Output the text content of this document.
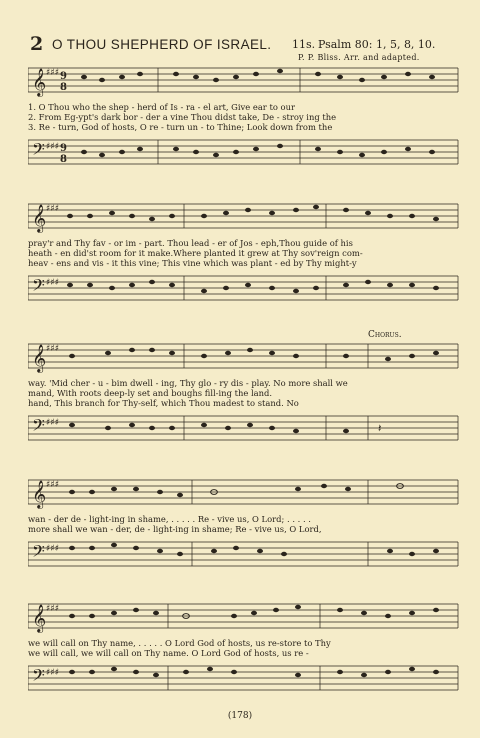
2 O THOU SHEPHERD OF ISRAEL. 11s. Psalm 80: 1, 5, 8, 10.
P. P. Bliss. Arr. and adapted.
𝄞 ♯♯♯ 9
8
1. O Thou who the shep - herd of Is - ra - el art, Give ear to our
2. From Eg-ypt's dark bor - der a vine Thou didst take, De - stroy ing the
3. Re - turn, God of hosts, O re - turn un - to Thine; Look down from the
𝄢 ♯♯♯ 9
8
𝄞 ♯♯♯
pray'r and Thy fav - or im - part. Thou lead - er of Jos - eph,Thou guide of his
heath - en did'st room for it make.Where planted it grew at Thy sov'reign com-
heav - ens and vis - it this vine; This vine which was plant - ed by Thy might-y
𝄢 ♯♯♯
Chorus.
𝄞 ♯♯♯
way. 'Mid cher - u - bim dwell - ing, Thy glo - ry dis - play. No more shall we
mand, With roots deep-ly set and boughs fill-ing the land.
hand, This branch for Thy-self, which Thou madest to stand. No
𝄢 ♯♯♯	𝄽
𝄞 ♯♯♯
wan - der de - light-ing in shame, . . . . . Re - vive us, O Lord; . . . . .
more shall we wan - der, de - light-ing in shame; Re - vive us, O Lord,
𝄢 ♯♯♯
𝄞 ♯♯♯
we will call on Thy name, . . . . . O Lord God of hosts, us re-store to Thy
we will call, we will call on Thy name. O Lord God of hosts, us re -
𝄢 ♯♯♯
(178)
